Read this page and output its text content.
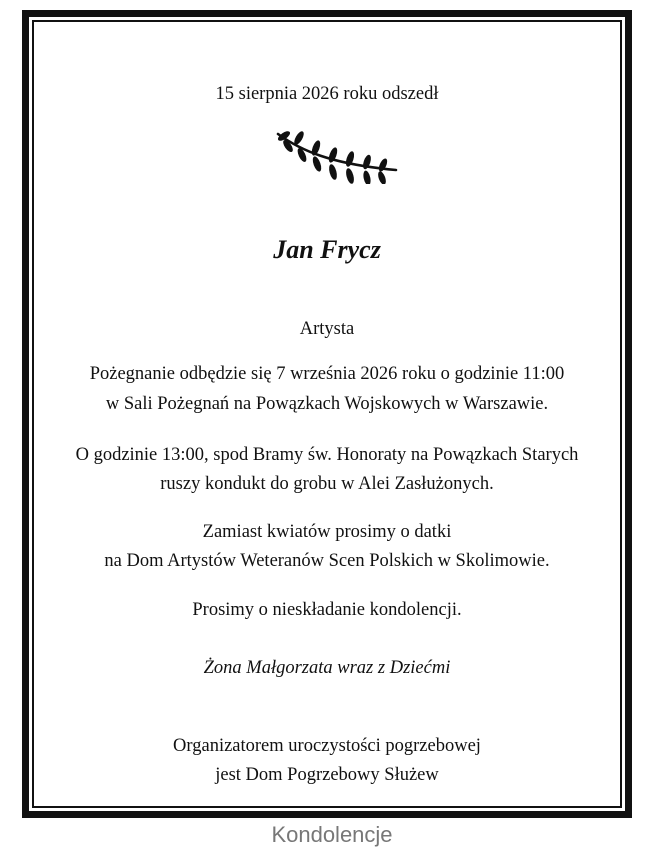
15 sierpnia 2026 roku odszedł
Jan Frycz
Artysta
Pożegnanie odbędzie się 7 września 2026 roku o godzinie 11:00
w Sali Pożegnań na Powązkach Wojskowych w Warszawie.
O godzinie 13:00, spod Bramy św. Honoraty na Powązkach Starych
ruszy kondukt do grobu w Alei Zasłużonych.
Zamiast kwiatów prosimy o datki
na Dom Artystów Weteranów Scen Polskich w Skolimowie.
Prosimy o nieskładanie kondolencji.
Żona Małgorzata wraz z Dziećmi
Organizatorem uroczystości pogrzebowej
jest Dom Pogrzebowy Służew
Kondolencje
